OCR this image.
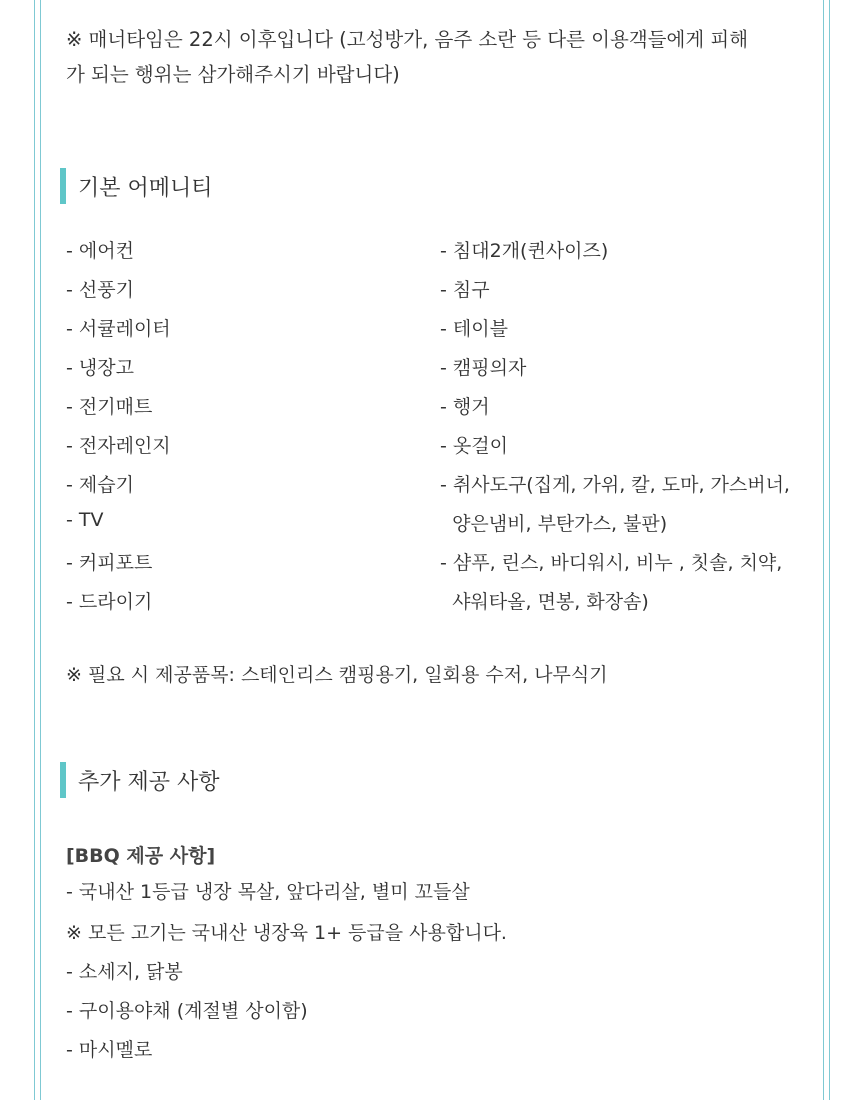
※ 매너타임은 22시 이후입니다 (고성방가, 음주 소란 등 다른 이용객들에게 피해
가 되는 행위는 삼가해주시기 바랍니다)
기본 어메니티
- 에어컨
- 선풍기
- 서큘레이터
- 냉장고
- 전기매트
- 전자레인지
- 제습기
- TV
- 커피포트
- 드라이기
- 침대2개(퀸사이즈)
- 침구
- 테이블
- 캠핑의자
- 행거
- 옷걸이
- 취사도구(집게, 가위, 칼, 도마, 가스버너,
양은냄비, 부탄가스, 불판)
- 샴푸, 린스, 바디워시, 비누 , 칫솔, 치약,
샤워타올, 면봉, 화장솜)
※ 필요 시 제공품목: 스테인리스 캠핑용기, 일회용 수저, 나무식기
추가 제공 사항
[BBQ 제공 사항]
- 국내산 1등급 냉장 목살, 앞다리살, 별미 꼬들살
※ 모든 고기는 국내산 냉장육 1+ 등급을 사용합니다.
- 소세지, 닭봉
- 구이용야채 (계절별 상이함)
- 마시멜로
